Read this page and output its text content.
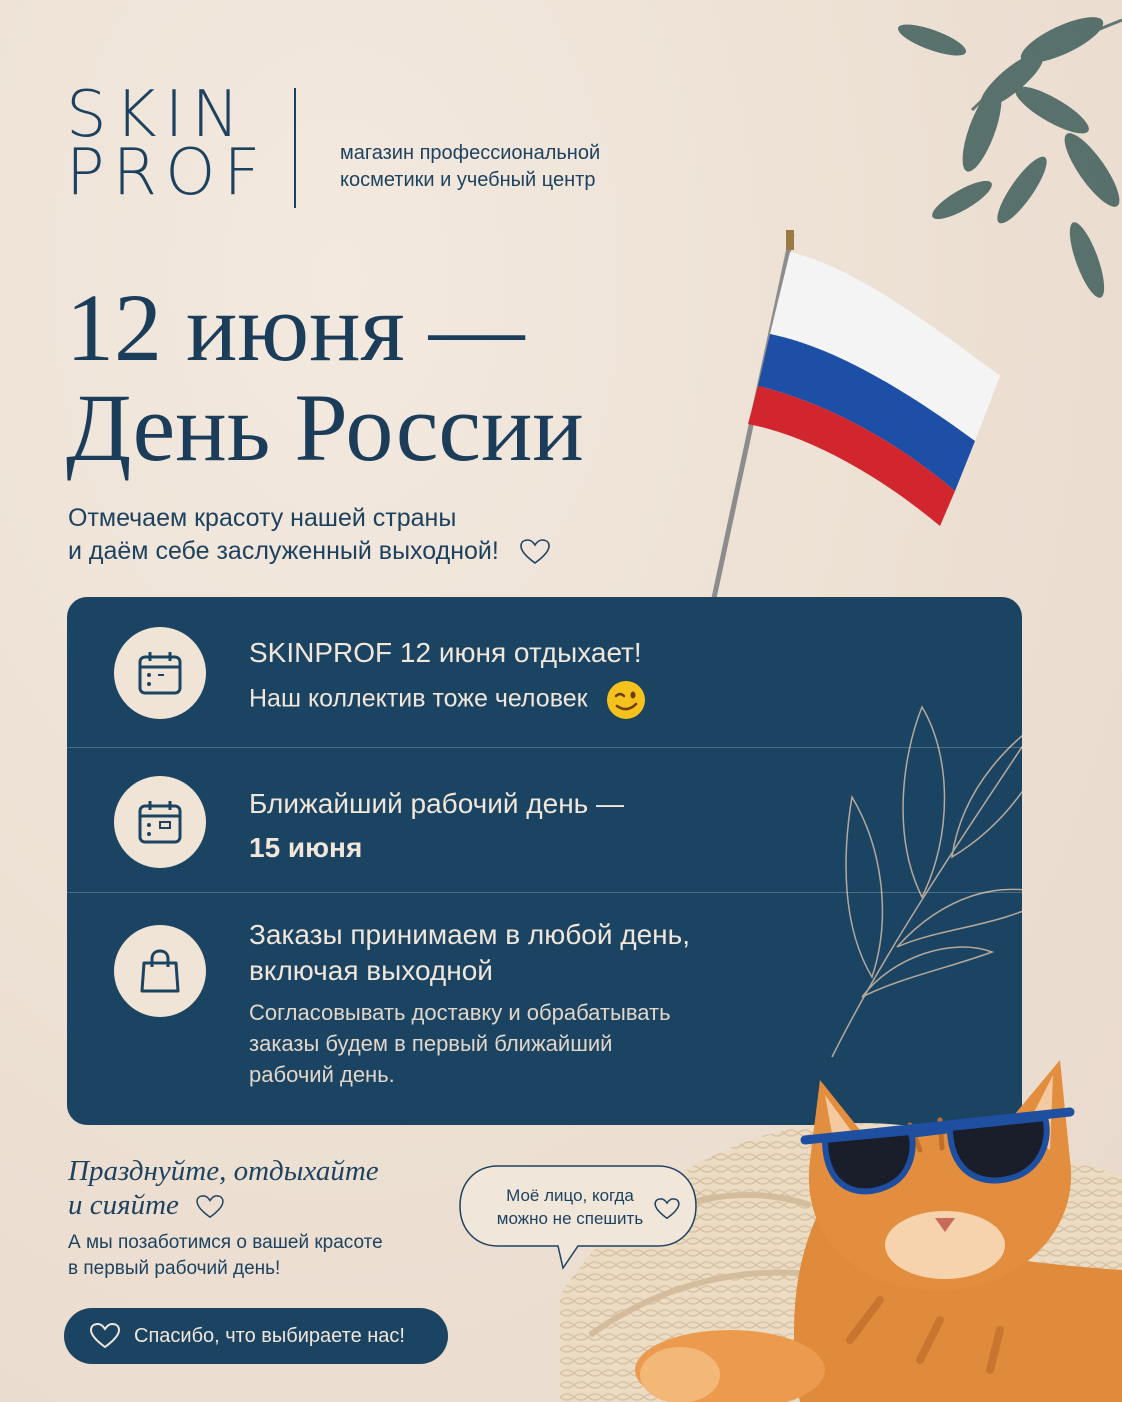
SKIN
PROF	магазин профессиональной
косметики и учебный центр
12 июня —
День России
Отмечаем красоту нашей страны
и даём себе заслуженный выходной!
SKINPROF 12 июня отдыхает!
Наш коллектив тоже человек
Ближайший рабочий день —
15 июня
Заказы принимаем в любой день,
включая выходной
Согласовывать доставку и обрабатывать
заказы будем в первый ближайший
рабочий день.
Моё лицо, когда
можно не спешить
Празднуйте, отдыхайте
и сияйте
А мы позаботимся о вашей красоте
в первый рабочий день!
Спасибо, что выбираете нас!
